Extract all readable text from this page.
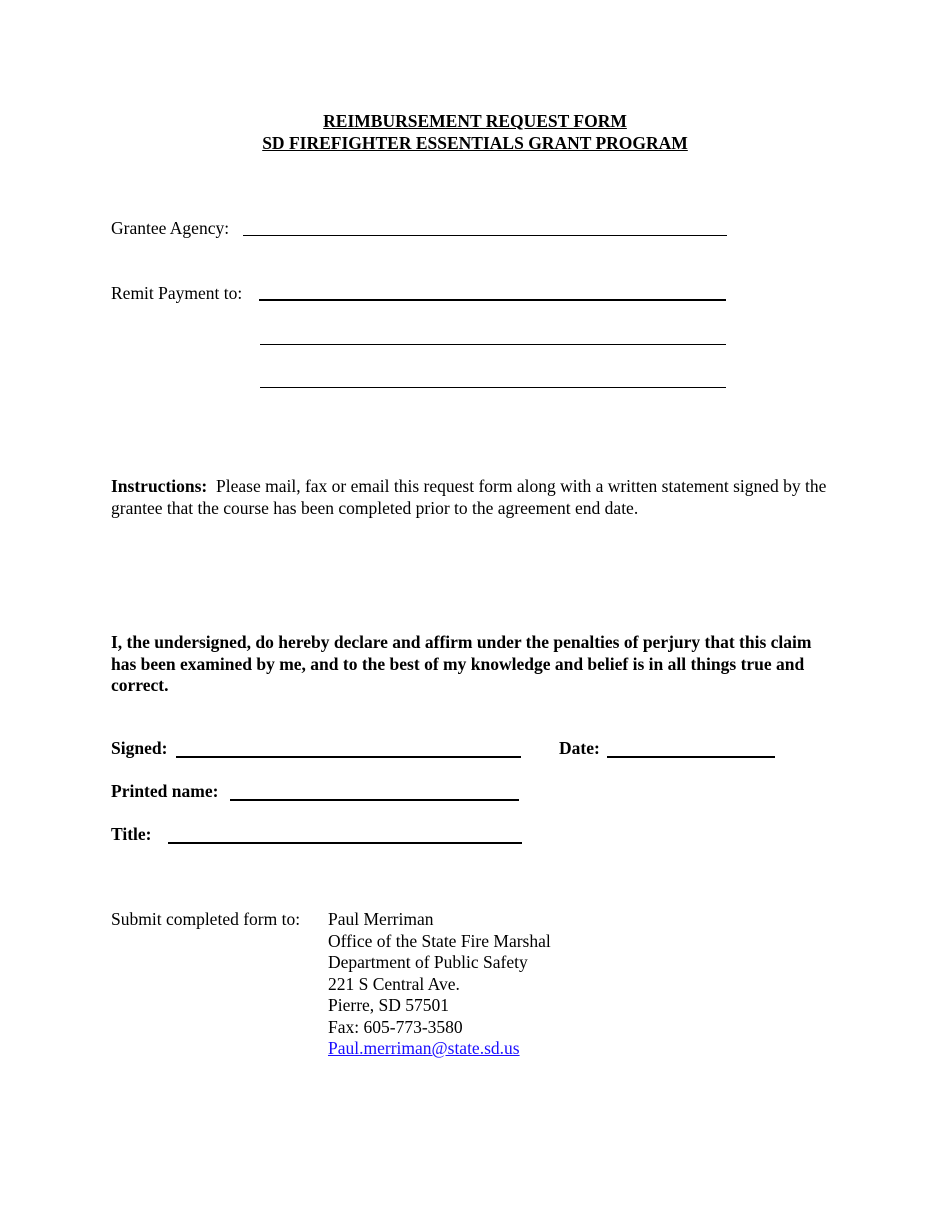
REIMBURSEMENT REQUEST FORM
SD FIREFIGHTER ESSENTIALS GRANT PROGRAM
Grantee Agency:
Remit Payment to:
Instructions: Please mail, fax or email this request form along with a written statement signed by the grantee that the course has been completed prior to the agreement end date.
I, the undersigned, do hereby declare and affirm under the penalties of perjury that this claim has been examined by me, and to the best of my knowledge and belief is in all things true and correct.
Signed:	Date:
Printed name:
Title:
Submit completed form to: Paul Merriman
Office of the State Fire Marshal
Department of Public Safety
221 S Central Ave.
Pierre, SD 57501
Fax: 605-773-3580
Paul.merriman@state.sd.us
